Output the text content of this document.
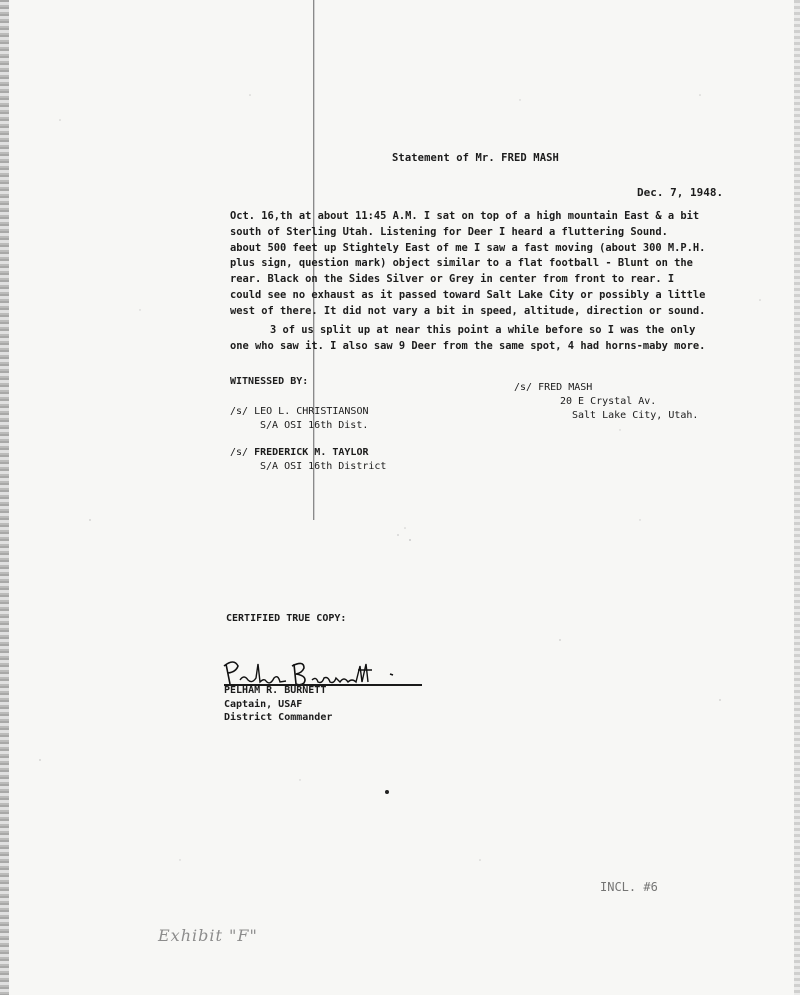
Statement of Mr. FRED MASH
Dec. 7, 1948.
Oct. 16,th at about 11:45 A.M. I sat on top of a high mountain East & a bit
south of Sterling Utah. Listening for Deer I heard a fluttering Sound.
about 500 feet up Stightely East of me I saw a fast moving (about 300 M.P.H.
plus sign, question mark) object similar to a flat football - Blunt on the
rear. Black on the Sides Silver or Grey in center from front to rear. I
could see no exhaust as it passed toward Salt Lake City or possibly a little
west of there. It did not vary a bit in speed, altitude, direction or sound.
3 of us split up at near this point a while before so I was the only
one who saw it. I also saw 9 Deer from the same spot, 4 had horns-maby more.
WITNESSED BY:
/s/ LEO L. CHRISTIANSON
S/A OSI 16th Dist.
/s/ FREDERICK M. TAYLOR
S/A OSI 16th District
/s/ FRED MASH
20 E Crystal Av.
Salt Lake City, Utah.
CERTIFIED TRUE COPY:
PELHAM R. BURNETT
Captain, USAF
District Commander
INCL. #6
Exhibit "F"
